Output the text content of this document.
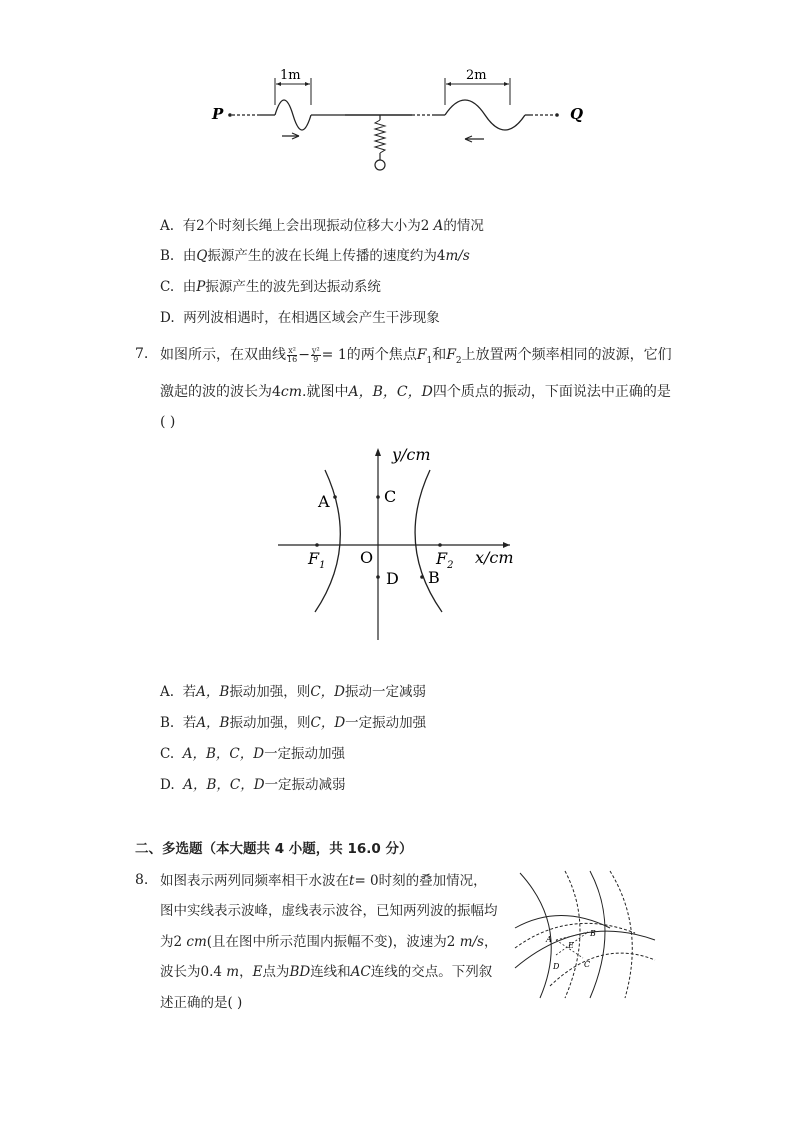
P
1m
Q
2m
A. 有2个时刻长绳上会出现振动位移大小为2 A的情况
B. 由Q振源产生的波在长绳上传播的速度约为4m/s
C. 由P振源产生的波先到达振动系统
D. 两列波相遇时，在相遇区域会产生干涉现象
7. 如图所示，在双曲线 $\frac{\text{x²}}{16} - \frac{\text{y²}}{9} = 1$的两个焦点$F_1$和$F_2$上放置两个频率相同的波源，它们
激起的波的波长为4cm.就图中A，B，C，D四个质点的振动，下面说法中正确的是
( )
y/cm
x/cm
O
$F_1$	$F_2$
A	C
D B
A. 若A，B振动加强，则C，D振动一定减弱
B. 若A，B振动加强，则C，D一定振动加强
C. A，B，C，D一定振动加强
D. A，B，C，D一定振动减弱
二、多选题（本大题共 4 小题，共 16.0 分）
8. 如图表示两列同频率相干水波在t= 0时刻的叠加情况，
图中实线表示波峰，虚线表示波谷，已知两列波的振幅均
为2 cm(且在图中所示范围内振幅不变)，波速为2 m/s，
波长为0.4 m，E点为BD连线和AC连线的交点。下列叙
述正确的是( )
A
B
C
D
E
